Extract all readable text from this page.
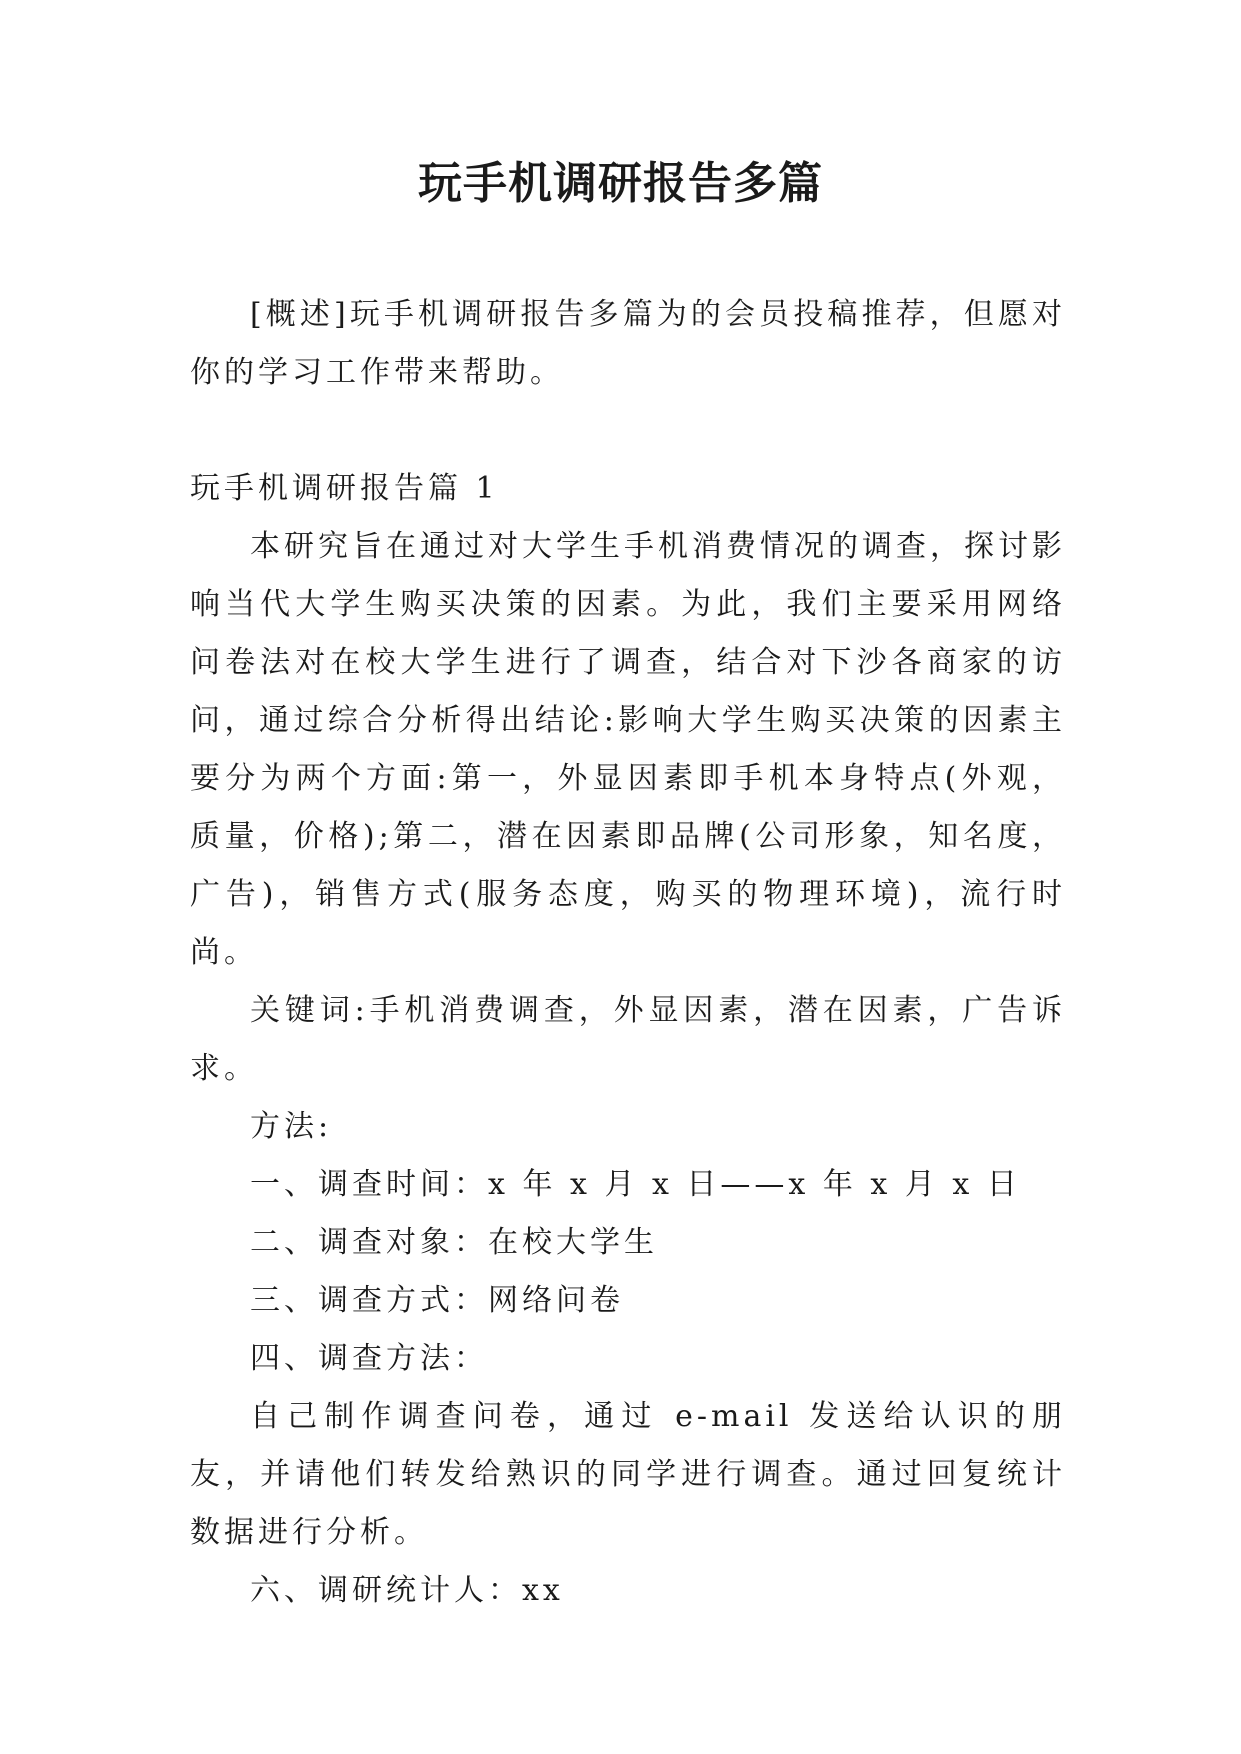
玩手机调研报告多篇

[概述]玩手机调研报告多篇为的会员投稿推荐，但愿对你的学习工作带来帮助。

玩手机调研报告篇 1

本研究旨在通过对大学生手机消费情况的调查，探讨影响当代大学生购买决策的因素。为此，我们主要采用网络问卷法对在校大学生进行了调查，结合对下沙各商家的访问，通过综合分析得出结论:影响大学生购买决策的因素主要分为两个方面:第一，外显因素即手机本身特点(外观，质量，价格);第二，潜在因素即品牌(公司形象，知名度，广告)，销售方式(服务态度，购买的物理环境)，流行时尚。

关键词:手机消费调查，外显因素，潜在因素，广告诉求。

方法:

一、调查时间：x 年 x 月 x 日——x 年 x 月 x 日

二、调查对象：在校大学生

三、调查方式：网络问卷

四、调查方法：

自己制作调查问卷，通过 e-mail 发送给认识的朋友，并请他们转发给熟识的同学进行调查。通过回复统计数据进行分析。

六、调研统计人：xx
